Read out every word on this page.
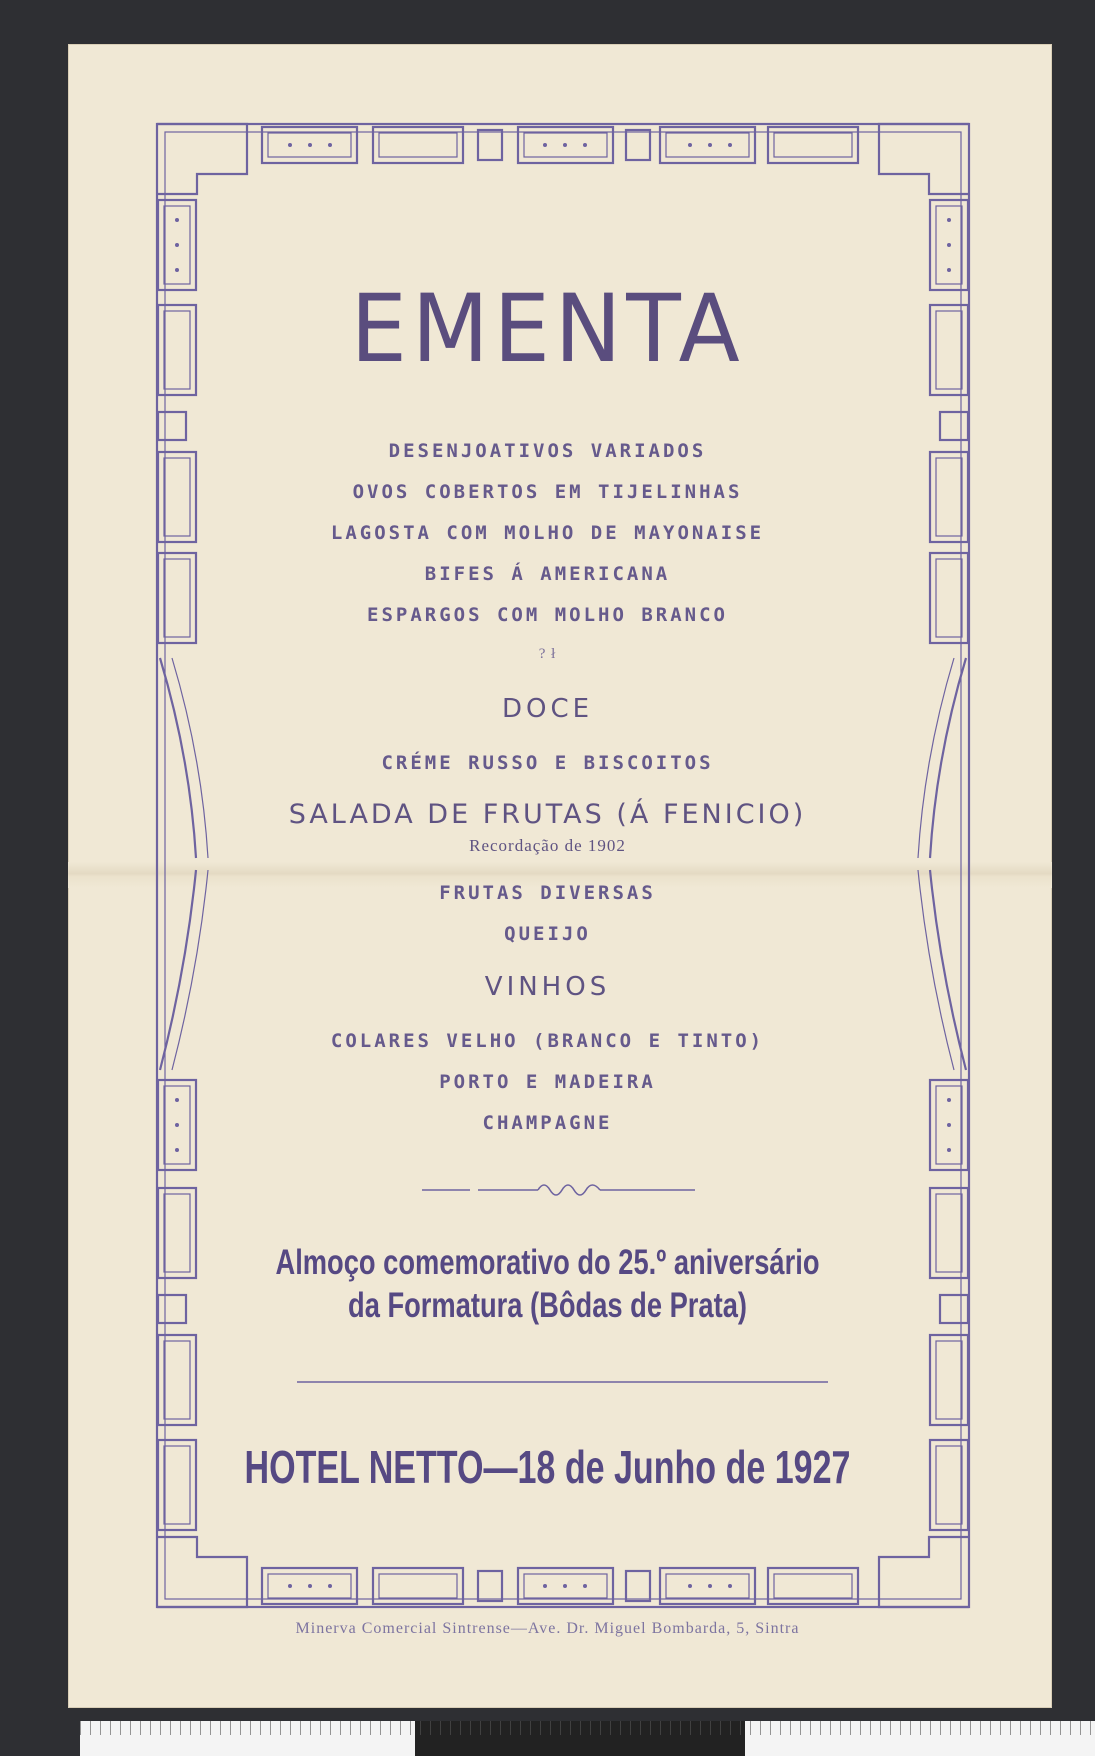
EMENTA
DESENJOATIVOS VARIADOS
OVOS COBERTOS EM TIJELINHAS
LAGOSTA COM MOLHO DE MAYONAISE
BIFES Á AMERICANA
ESPARGOS COM MOLHO BRANCO
? ł
DOCE
CRÉME RUSSO E BISCOITOS
SALADA DE FRUTAS (Á FENICIO)
Recordação de 1902
FRUTAS DIVERSAS
QUEIJO
VINHOS
COLARES VELHO (BRANCO E TINTO)
PORTO E MADEIRA
CHAMPAGNE
Almoço comemorativo do 25.º aniversário
da Formatura (Bôdas de Prata)
HOTEL NETTO—18 de Junho de 1927
Minerva Comercial Sintrense—Ave. Dr. Miguel Bombarda, 5, Sintra
